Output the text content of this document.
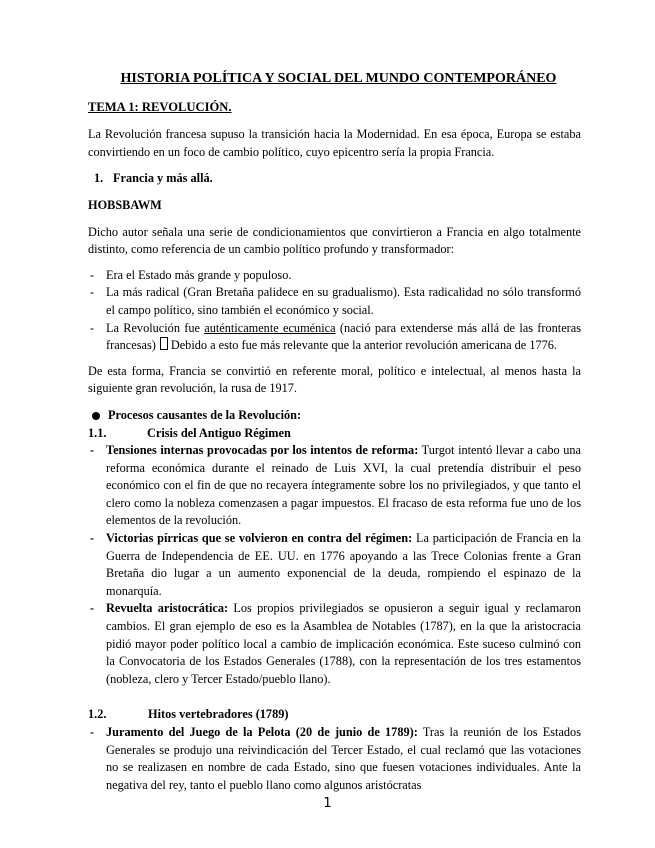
HISTORIA POLÍTICA Y SOCIAL DEL MUNDO CONTEMPORÁNEO
TEMA 1: REVOLUCIÓN.

La Revolución francesa supuso la transición hacia la Modernidad. En esa época, Europa se estaba convirtiendo en un foco de cambio político, cuyo epicentro sería la propia Francia.

1. Francia y más allá.
HOBSBAWM

Dicho autor señala una serie de condicionamientos que convirtieron a Francia en algo totalmente distinto, como referencia de un cambio político profundo y transformador:

- Era el Estado más grande y populoso.
- La más radical (Gran Bretaña palidece en su gradualismo). Esta radicalidad no sólo transformó el campo político, sino también el económico y social.
- La Revolución fue auténticamente ecuménica (nació para extenderse más allá de las fronteras francesas) Debido a esto fue más relevante que la anterior revolución americana de 1776.

De esta forma, Francia se convirtió en referente moral, político e intelectual, al menos hasta la siguiente gran revolución, la rusa de 1917.

Procesos causantes de la Revolución:
1.1.	Crisis del Antiguo Régimen
- Tensiones internas provocadas por los intentos de reforma: Turgot intentó llevar a cabo una reforma económica durante el reinado de Luis XVI, la cual pretendía distribuir el peso económico con el fin de que no recayera íntegramente sobre los no privilegiados, y que tanto el clero como la nobleza comenzasen a pagar impuestos. El fracaso de esta reforma fue uno de los elementos de la revolución.
- Victorias pírricas que se volvieron en contra del régimen: La participación de Francia en la Guerra de Independencia de EE. UU. en 1776 apoyando a las Trece Colonias frente a Gran Bretaña dio lugar a un aumento exponencial de la deuda, rompiendo el espinazo de la monarquía.
- Revuelta aristocrática: Los propios privilegiados se opusieron a seguir igual y reclamaron cambios. El gran ejemplo de eso es la Asamblea de Notables (1787), en la que la aristocracia pidió mayor poder político local a cambio de implicación económica. Este suceso culminó con la Convocatoria de los Estados Generales (1788), con la representación de los tres estamentos (nobleza, clero y Tercer Estado/pueblo llano).
1.2.	Hitos vertebradores (1789)
- Juramento del Juego de la Pelota (20 de junio de 1789): Tras la reunión de los Estados Generales se produjo una reivindicación del Tercer Estado, el cual reclamó que las votaciones no se realizasen en nombre de cada Estado, sino que fuesen votaciones individuales. Ante la negativa del rey, tanto el pueblo llano como algunos aristócratas
1
